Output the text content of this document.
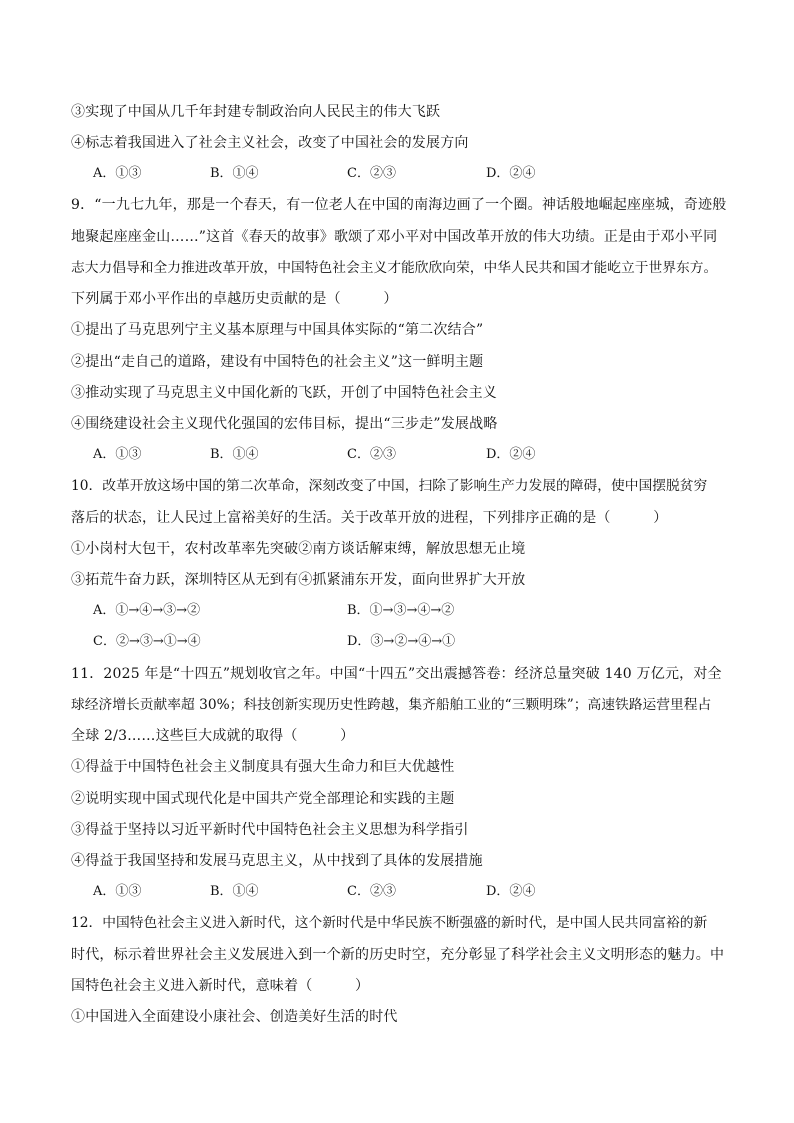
③实现了中国从几千年封建专制政治向人民民主的伟大飞跃
④标志着我国进入了社会主义社会，改变了中国社会的发展方向
A．①③	B．①④	C．②③	D．②④
9．“一九七九年，那是一个春天，有一位老人在中国的南海边画了一个圈。神话般地崛起座座城，奇迹般
地聚起座座金山……”这首《春天的故事》歌颂了邓小平对中国改革开放的伟大功绩。正是由于邓小平同
志大力倡导和全力推进改革开放，中国特色社会主义才能欣欣向荣，中华人民共和国才能屹立于世界东方。
下列属于邓小平作出的卓越历史贡献的是（　　　）
①提出了马克思列宁主义基本原理与中国具体实际的“第二次结合”
②提出“走自己的道路，建设有中国特色的社会主义”这一鲜明主题
③推动实现了马克思主义中国化新的飞跃，开创了中国特色社会主义
④围绕建设社会主义现代化强国的宏伟目标，提出“三步走”发展战略
A．①③	B．①④	C．②③	D．②④
10．改革开放这场中国的第二次革命，深刻改变了中国，扫除了影响生产力发展的障碍，使中国摆脱贫穷
落后的状态，让人民过上富裕美好的生活。关于改革开放的进程，下列排序正确的是（　　　）
①小岗村大包干，农村改革率先突破②南方谈话解束缚，解放思想无止境
③拓荒牛奋力跃，深圳特区从无到有④抓紧浦东开发，面向世界扩大开放
A．①→④→③→②	B．①→③→④→②
C．②→③→①→④	D．③→②→④→①
11．2025 年是“十四五”规划收官之年。中国“十四五”交出震撼答卷：经济总量突破 140 万亿元，对全
球经济增长贡献率超 30%；科技创新实现历史性跨越，集齐船舶工业的“三颗明珠”；高速铁路运营里程占
全球 2/3……这些巨大成就的取得（　　　）
①得益于中国特色社会主义制度具有强大生命力和巨大优越性
②说明实现中国式现代化是中国共产党全部理论和实践的主题
③得益于坚持以习近平新时代中国特色社会主义思想为科学指引
④得益于我国坚持和发展马克思主义，从中找到了具体的发展措施
A．①③	B．①④	C．②③	D．②④
12．中国特色社会主义进入新时代，这个新时代是中华民族不断强盛的新时代，是中国人民共同富裕的新
时代，标示着世界社会主义发展进入到一个新的历史时空，充分彰显了科学社会主义文明形态的魅力。中
国特色社会主义进入新时代，意味着（　　　）
①中国进入全面建设小康社会、创造美好生活的时代
